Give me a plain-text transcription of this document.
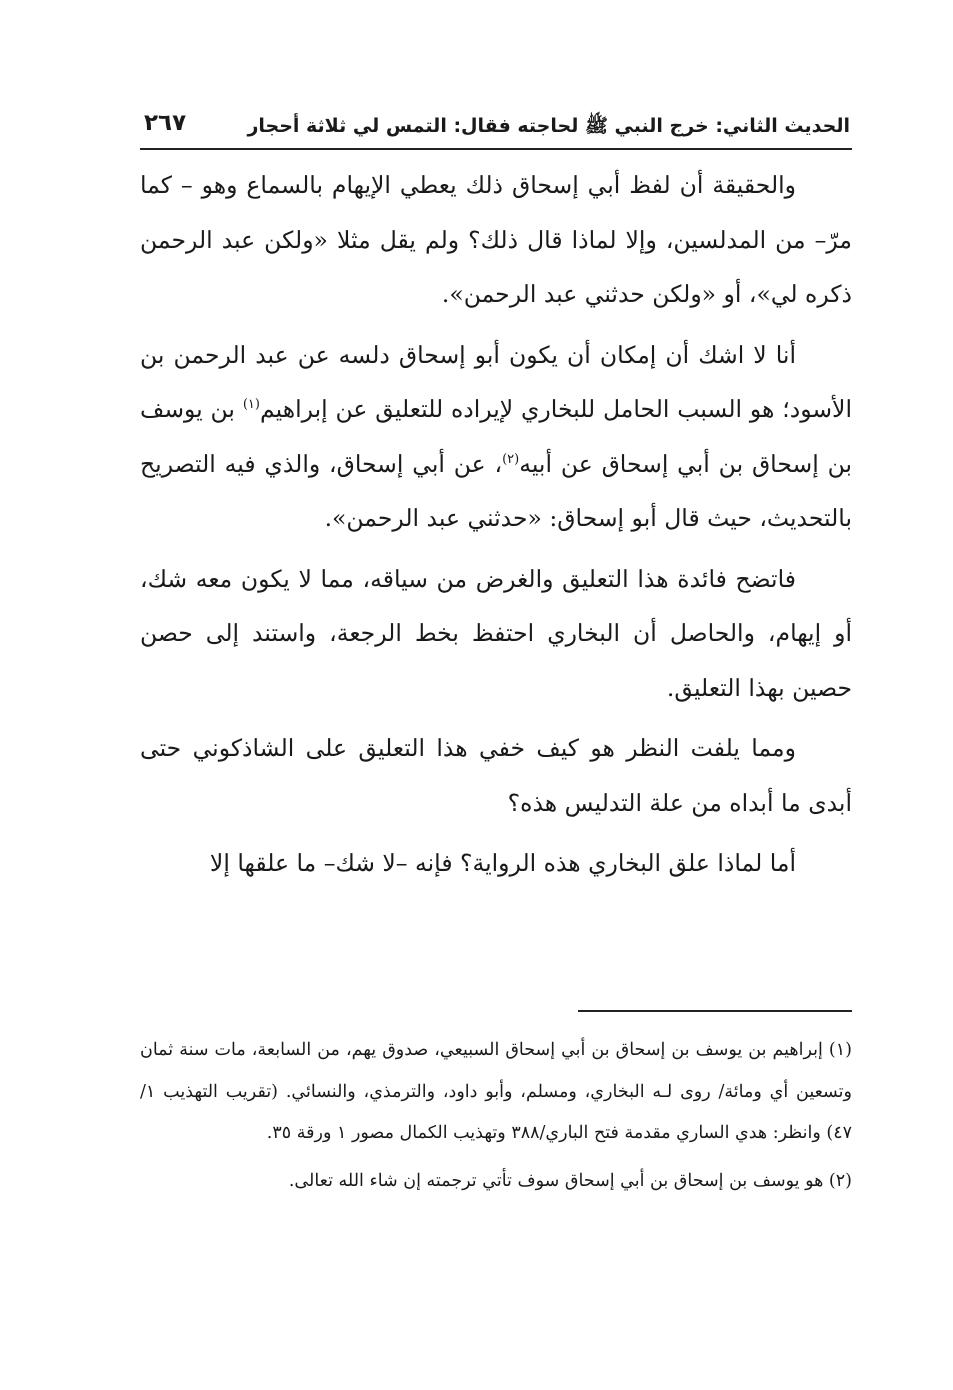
الحديث الثاني: خرج النبي ﷺ لحاجته فقال: التمس لي ثلاثة أحجار
٢٦٧

والحقيقة أن لفظ أبي إسحاق ذلك يعطي الإيهام بالسماع وهو – كما مرّ– من المدلسين، وإلا لماذا قال ذلك؟ ولم يقل مثلا «ولكن عبد الرحمن ذكره لي»، أو «ولكن حدثني عبد الرحمن».

أنا لا اشك أن إمكان أن يكون أبو إسحاق دلسه عن عبد الرحمن بن الأسود؛ هو السبب الحامل للبخاري لإيراده للتعليق عن إبراهيم$^{(١)}$ بن يوسف بن إسحاق بن أبي إسحاق عن أبيه$^{(٢)}$، عن أبي إسحاق، والذي فيه التصريح بالتحديث، حيث قال أبو إسحاق: «حدثني عبد الرحمن».

فاتضح فائدة هذا التعليق والغرض من سياقه، مما لا يكون معه شك، أو إيهام، والحاصل أن البخاري احتفظ بخط الرجعة، واستند إلى حصن حصين بهذا التعليق.

ومما يلفت النظر هو كيف خفي هذا التعليق على الشاذكوني حتى أبدى ما أبداه من علة التدليس هذه؟

أما لماذا علق البخاري هذه الرواية؟ فإنه –لا شك– ما علقها إلا

(١) إبراهيم بن يوسف بن إسحاق بن أبي إسحاق السبيعي، صدوق يهم، من السابعة، مات سنة ثمان وتسعين أي ومائة/ روى لـه البخاري، ومسلم، وأبو داود، والترمذي، والنسائي. (تقريب التهذيب ١/ ٤٧) وانظر: هدي الساري مقدمة فتح الباري/٣٨٨ وتهذيب الكمال مصور ١ ورقة ٣٥.

(٢) هو يوسف بن إسحاق بن أبي إسحاق سوف تأتي ترجمته إن شاء الله تعالى.
